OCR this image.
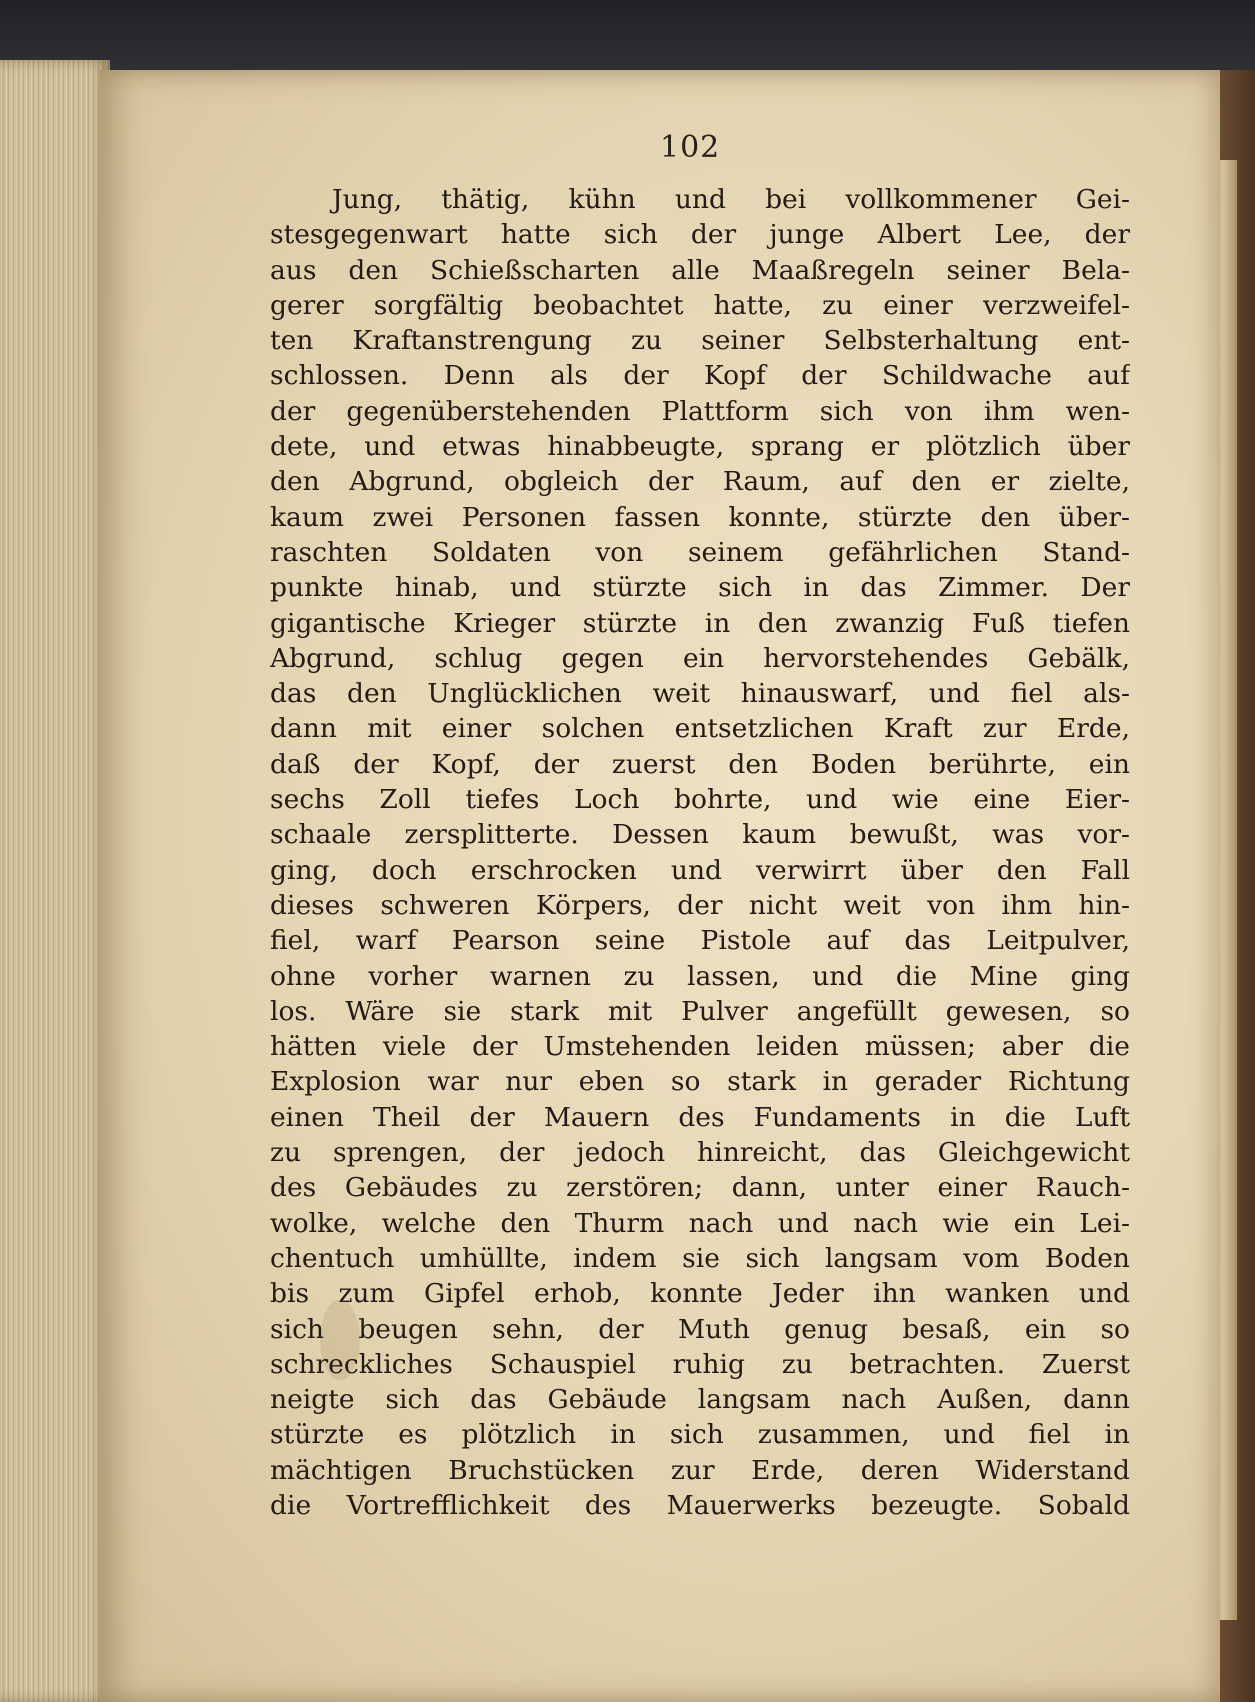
102
Jung, thätig, kühn und bei vollkommener Gei-
stesgegenwart hatte sich der junge Albert Lee, der
aus den Schießscharten alle Maaßregeln seiner Bela-
gerer sorgfältig beobachtet hatte, zu einer verzweifel-
ten Kraftanstrengung zu seiner Selbsterhaltung ent-
schlossen. Denn als der Kopf der Schildwache auf
der gegenüberstehenden Plattform sich von ihm wen-
dete, und etwas hinabbeugte, sprang er plötzlich über
den Abgrund, obgleich der Raum, auf den er zielte,
kaum zwei Personen fassen konnte, stürzte den über-
raschten Soldaten von seinem gefährlichen Stand-
punkte hinab, und stürzte sich in das Zimmer. Der
gigantische Krieger stürzte in den zwanzig Fuß tiefen
Abgrund, schlug gegen ein hervorstehendes Gebälk,
das den Unglücklichen weit hinauswarf, und fiel als-
dann mit einer solchen entsetzlichen Kraft zur Erde,
daß der Kopf, der zuerst den Boden berührte, ein
sechs Zoll tiefes Loch bohrte, und wie eine Eier-
schaale zersplitterte. Dessen kaum bewußt, was vor-
ging, doch erschrocken und verwirrt über den Fall
dieses schweren Körpers, der nicht weit von ihm hin-
fiel, warf Pearson seine Pistole auf das Leitpulver,
ohne vorher warnen zu lassen, und die Mine ging
los. Wäre sie stark mit Pulver angefüllt gewesen, so
hätten viele der Umstehenden leiden müssen; aber die
Explosion war nur eben so stark in gerader Richtung
einen Theil der Mauern des Fundaments in die Luft
zu sprengen, der jedoch hinreicht, das Gleichgewicht
des Gebäudes zu zerstören; dann, unter einer Rauch-
wolke, welche den Thurm nach und nach wie ein Lei-
chentuch umhüllte, indem sie sich langsam vom Boden
bis zum Gipfel erhob, konnte Jeder ihn wanken und
sich beugen sehn, der Muth genug besaß, ein so
schreckliches Schauspiel ruhig zu betrachten. Zuerst
neigte sich das Gebäude langsam nach Außen, dann
stürzte es plötzlich in sich zusammen, und fiel in
mächtigen Bruchstücken zur Erde, deren Widerstand
die Vortrefflichkeit des Mauerwerks bezeugte. Sobald
